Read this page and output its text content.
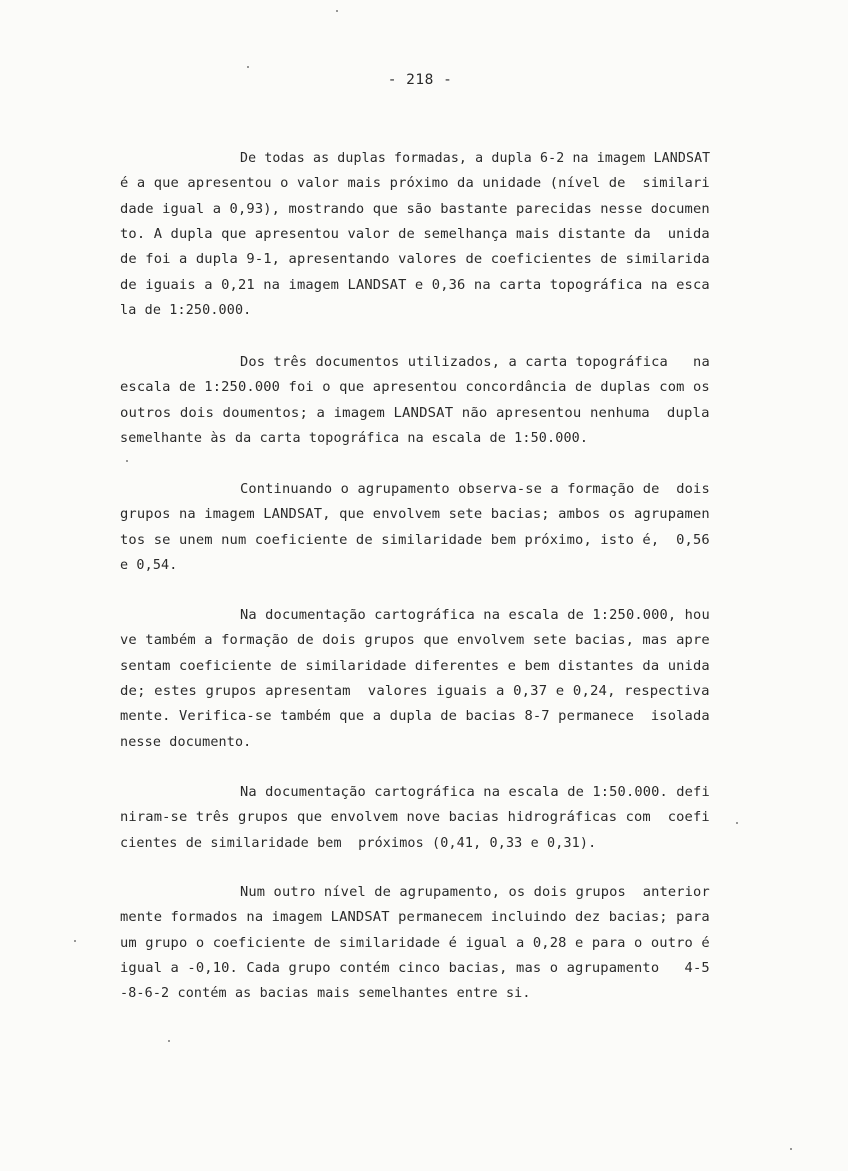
- 218 -
De todas as duplas formadas, a dupla 6-2 na imagem LANDSAT
é a que apresentou o valor mais próximo da unidade (nível de  similari
dade igual a 0,93), mostrando que são bastante parecidas nesse documen
to. A dupla que apresentou valor de semelhança mais distante da  unida
de foi a dupla 9-1, apresentando valores de coeficientes de similarida
de iguais a 0,21 na imagem LANDSAT e 0,36 na carta topográfica na esca
la de 1:250.000.
Dos três documentos utilizados, a carta topográfica   na
escala de 1:250.000 foi o que apresentou concordância de duplas com os
outros dois doumentos; a imagem LANDSAT não apresentou nenhuma  dupla
semelhante às da carta topográfica na escala de 1:50.000.
Continuando o agrupamento observa-se a formação de  dois
grupos na imagem LANDSAT, que envolvem sete bacias; ambos os agrupamen
tos se unem num coeficiente de similaridade bem próximo, isto é,  0,56
e 0,54.
Na documentação cartográfica na escala de 1:250.000, hou
ve também a formação de dois grupos que envolvem sete bacias, mas apre
sentam coeficiente de similaridade diferentes e bem distantes da unida
de; estes grupos apresentam  valores iguais a 0,37 e 0,24, respectiva
mente. Verifica-se também que a dupla de bacias 8-7 permanece  isolada
nesse documento.
Na documentação cartográfica na escala de 1:50.000. defi
niram-se três grupos que envolvem nove bacias hidrográficas com  coefi
cientes de similaridade bem  próximos (0,41, 0,33 e 0,31).
Num outro nível de agrupamento, os dois grupos  anterior
mente formados na imagem LANDSAT permanecem incluindo dez bacias; para
um grupo o coeficiente de similaridade é igual a 0,28 e para o outro é
igual a -0,10. Cada grupo contém cinco bacias, mas o agrupamento   4-5
-8-6-2 contém as bacias mais semelhantes entre si.
